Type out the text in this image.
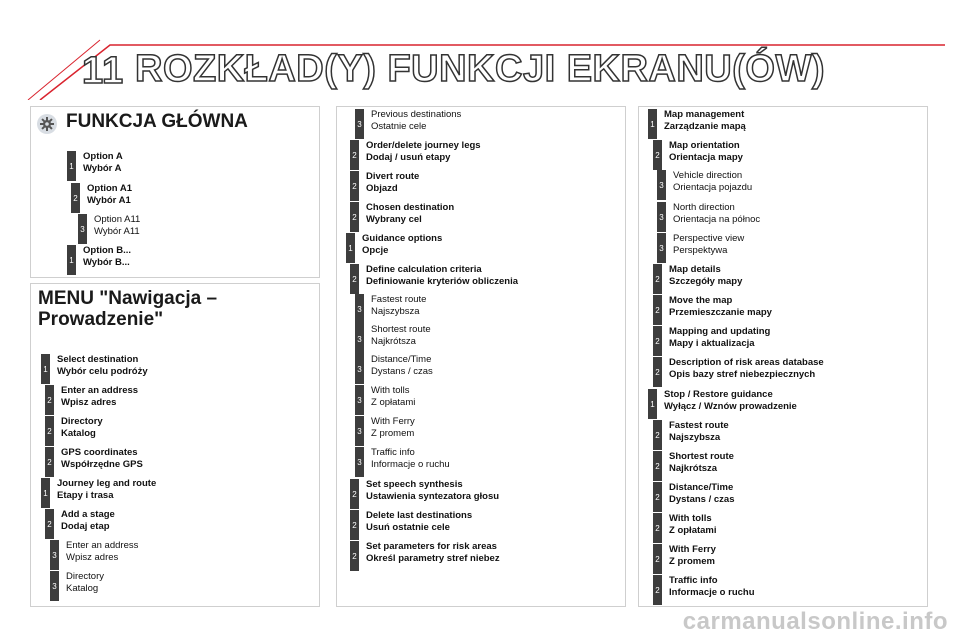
11 ROZKŁAD(Y) FUNKCJI EKRANU(ÓW)
FUNKCJA GŁÓWNA
1
Option A
Wybór A
2
Option A1
Wybór A1
3
Option A11
Wybór A11
1
Option B...
Wybór B...
MENU "Nawigacja –
Prowadzenie"
1
Select destination
Wybór celu podróży
2
Enter an address
Wpisz adres
2
Directory
Katalog
2
GPS coordinates
Współrzędne GPS
1
Journey leg and route
Etapy i trasa
2
Add a stage
Dodaj etap
3
Enter an address
Wpisz adres
3
Directory
Katalog
3
Previous destinations
Ostatnie cele
2
Order/delete journey legs
Dodaj / usuń etapy
2
Divert route
Objazd
2
Chosen destination
Wybrany cel
1
Guidance options
Opcje
2
Define calculation criteria
Definiowanie kryteriów obliczenia
3
Fastest route
Najszybsza
3
Shortest route
Najkrótsza
3
Distance/Time
Dystans / czas
3
With tolls
Z opłatami
3
With Ferry
Z promem
3
Traffic info
Informacje o ruchu
2
Set speech synthesis
Ustawienia syntezatora głosu
2
Delete last destinations
Usuń ostatnie cele
2
Set parameters for risk areas
Określ parametry stref niebez
1
Map management
Zarządzanie mapą
2
Map orientation
Orientacja mapy
3
Vehicle direction
Orientacja pojazdu
3
North direction
Orientacja na północ
3
Perspective view
Perspektywa
2
Map details
Szczegóły mapy
2
Move the map
Przemieszczanie mapy
2
Mapping and updating
Mapy i aktualizacja
2
Description of risk areas database
Opis bazy stref niebezpiecznych
1
Stop / Restore guidance
Wyłącz / Wznów prowadzenie
2
Fastest route
Najszybsza
2
Shortest route
Najkrótsza
2
Distance/Time
Dystans / czas
2
With tolls
Z opłatami
2
With Ferry
Z promem
2
Traffic info
Informacje o ruchu
carmanualsonline.info
